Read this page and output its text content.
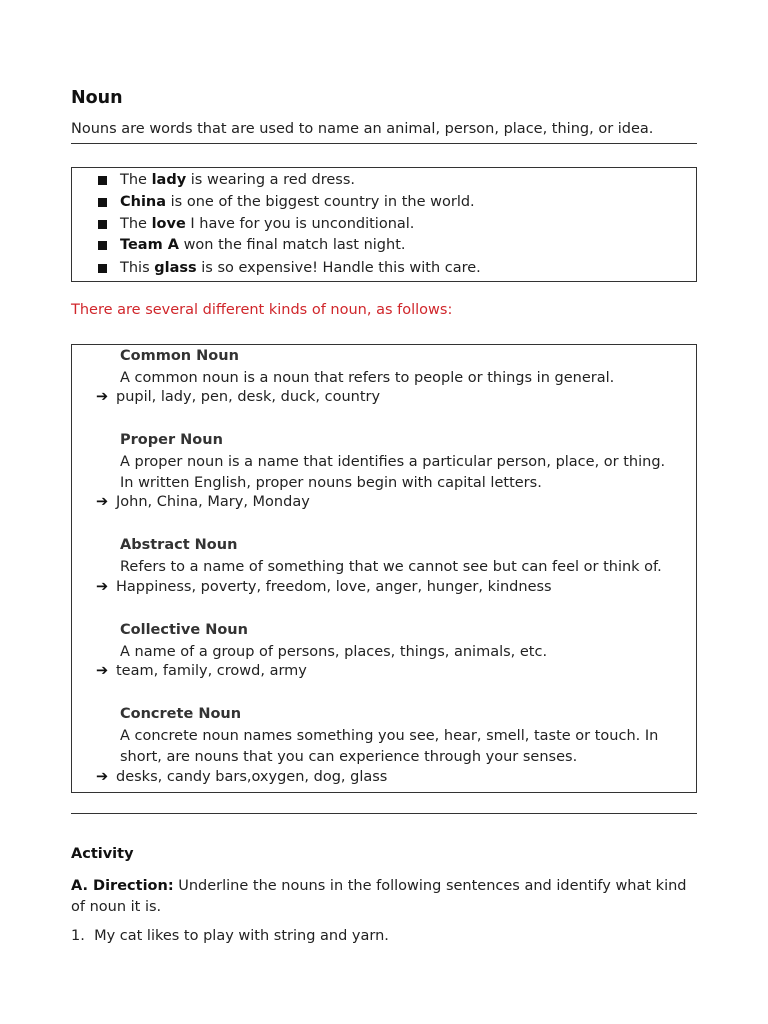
Noun
Nouns are words that are used to name an animal, person, place, thing, or idea.
The lady is wearing a red dress.
China is one of the biggest country in the world.
The love I have for you is unconditional.
Team A won the final match last night.
This glass is so expensive! Handle this with care.
There are several different kinds of noun, as follows:
Common Noun
A common noun is a noun that refers to people or things in general.
➔ pupil, lady, pen, desk, duck, country
Proper Noun
A proper noun is a name that identifies a particular person, place, or thing.
In written English, proper nouns begin with capital letters.
➔ John, China, Mary, Monday
Abstract Noun
Refers to a name of something that we cannot see but can feel or think of.
➔ Happiness, poverty, freedom, love, anger, hunger, kindness
Collective Noun
A name of a group of persons, places, things, animals, etc.
➔ team, family, crowd, army
Concrete Noun
A concrete noun names something you see, hear, smell, taste or touch. In
short, are nouns that you can experience through your senses.
➔ desks, candy bars,oxygen, dog, glass
Activity
A. Direction: Underline the nouns in the following sentences and identify what kind of noun it is.
1. My cat likes to play with string and yarn.
